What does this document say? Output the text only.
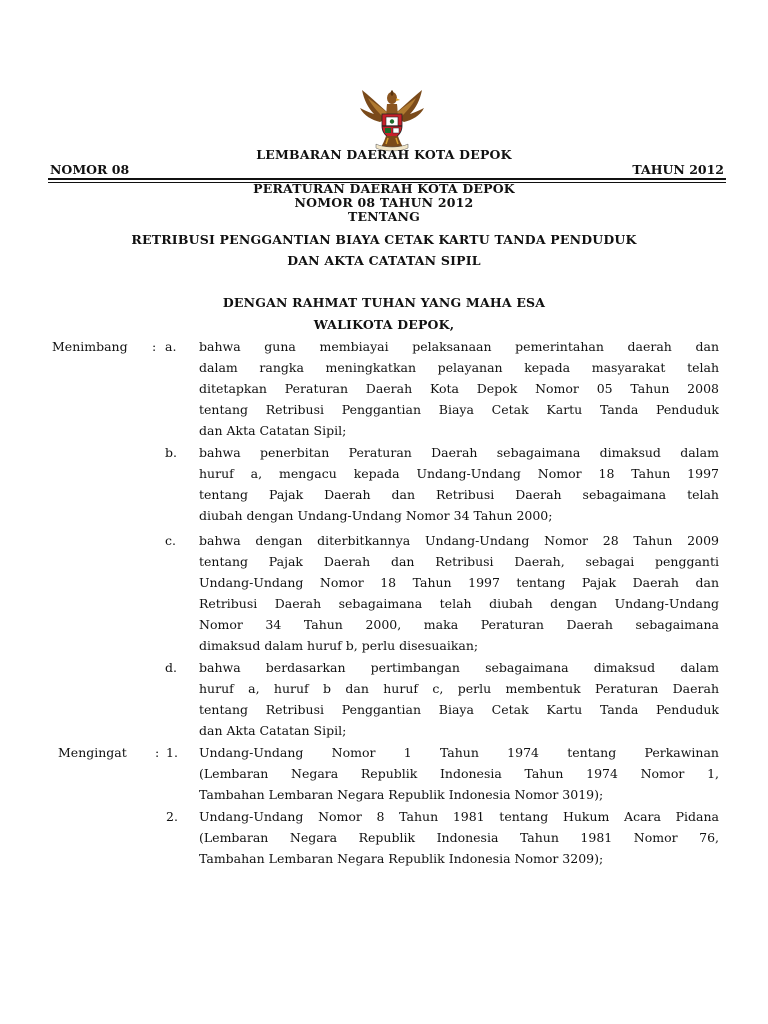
LEMBARAN DAERAH KOTA DEPOK
NOMOR 08	TAHUN 2012
PERATURAN DAERAH KOTA DEPOK
NOMOR 08 TAHUN 2012
TENTANG
RETRIBUSI PENGGANTIAN BIAYA CETAK KARTU TANDA PENDUDUK
DAN AKTA CATATAN SIPIL
DENGAN RAHMAT TUHAN YANG MAHA ESA
WALIKOTA DEPOK,
Menimbang : a. bahwa guna membiayai pelaksanaan pemerintahan daerah dan
dalam rangka meningkatkan pelayanan kepada masyarakat telah
ditetapkan Peraturan Daerah Kota Depok Nomor 05 Tahun 2008
tentang Retribusi Penggantian Biaya Cetak Kartu Tanda Penduduk
dan Akta Catatan Sipil;
b. bahwa penerbitan Peraturan Daerah sebagaimana dimaksud dalam
huruf a, mengacu kepada Undang-Undang Nomor 18 Tahun 1997
tentang Pajak Daerah dan Retribusi Daerah sebagaimana telah
diubah dengan Undang-Undang Nomor 34 Tahun 2000;
c. bahwa dengan diterbitkannya Undang-Undang Nomor 28 Tahun 2009
tentang Pajak Daerah dan Retribusi Daerah, sebagai pengganti
Undang-Undang Nomor 18 Tahun 1997 tentang Pajak Daerah dan
Retribusi Daerah sebagaimana telah diubah dengan Undang-Undang
Nomor 34 Tahun 2000, maka Peraturan Daerah sebagaimana
dimaksud dalam huruf b, perlu disesuaikan;
d. bahwa berdasarkan pertimbangan sebagaimana dimaksud dalam
huruf a, huruf b dan huruf c, perlu membentuk Peraturan Daerah
tentang Retribusi Penggantian Biaya Cetak Kartu Tanda Penduduk
dan Akta Catatan Sipil;
Mengingat : 1. Undang-Undang Nomor 1 Tahun 1974 tentang Perkawinan
(Lembaran Negara Republik Indonesia Tahun 1974 Nomor 1,
Tambahan Lembaran Negara Republik Indonesia Nomor 3019);
2. Undang-Undang Nomor 8 Tahun 1981 tentang Hukum Acara Pidana
(Lembaran Negara Republik Indonesia Tahun 1981 Nomor 76,
Tambahan Lembaran Negara Republik Indonesia Nomor 3209);
